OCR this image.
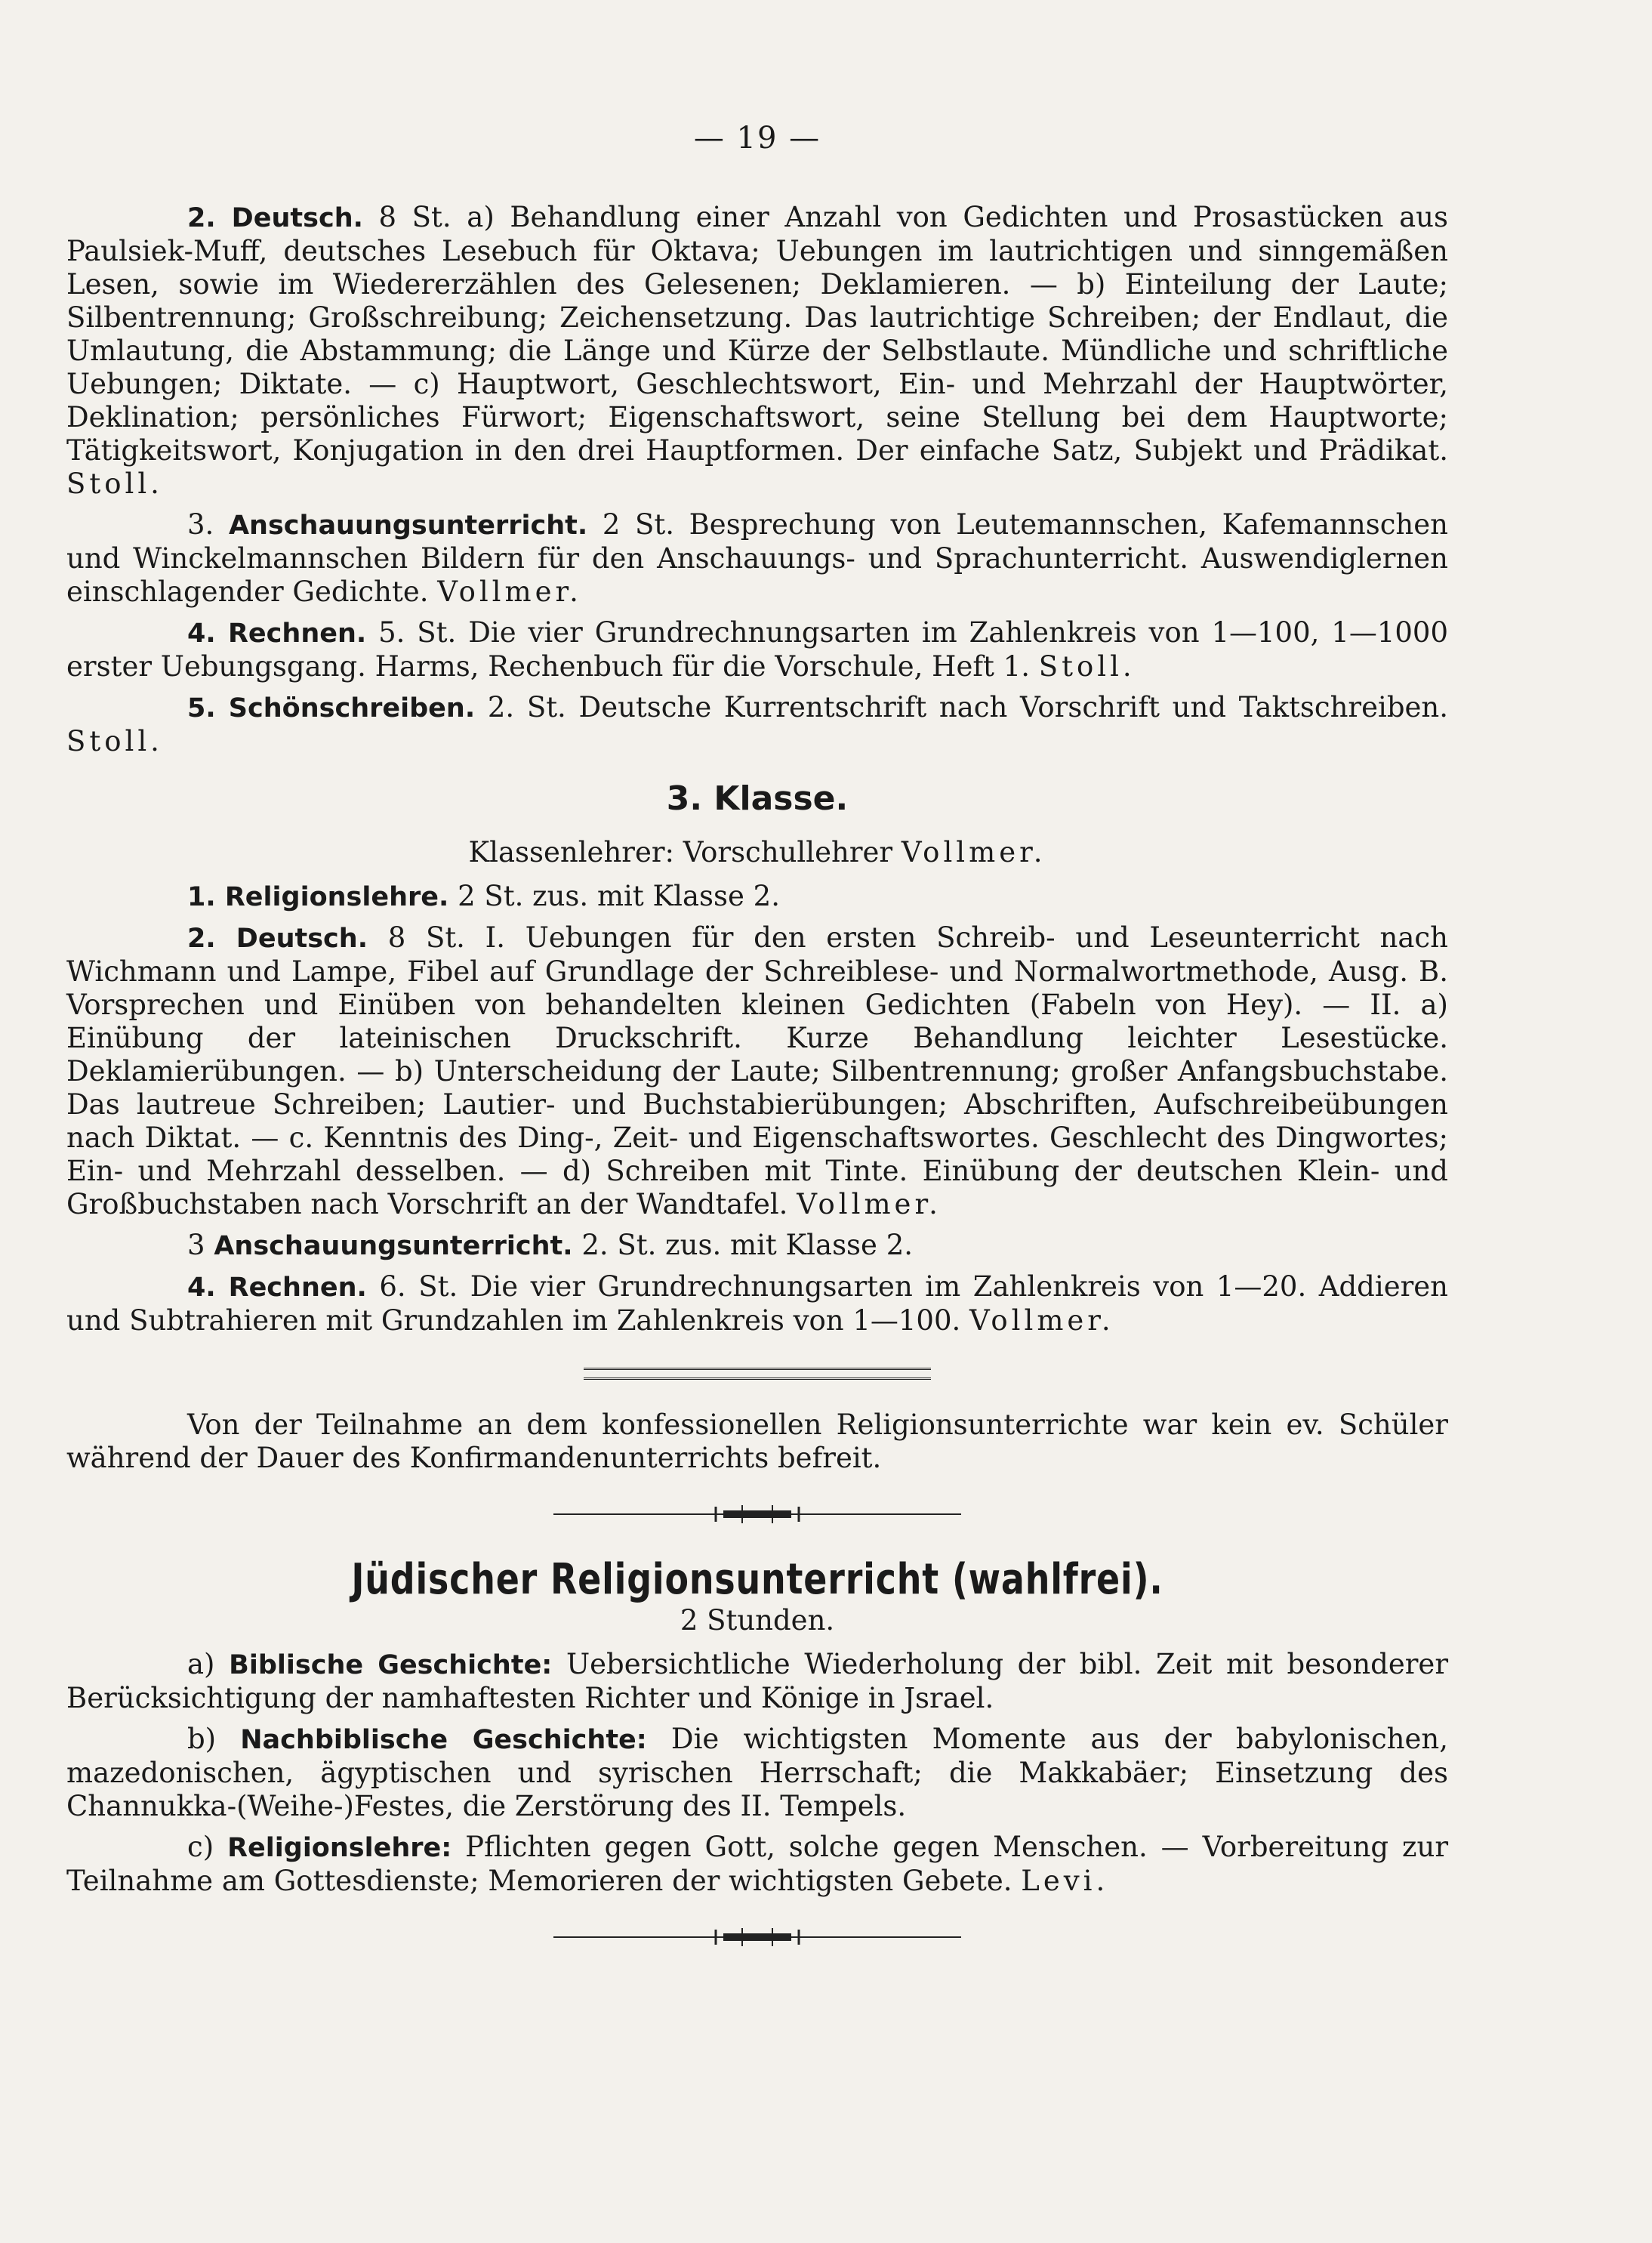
— 19 —

2. Deutsch. 8 St. a) Behandlung einer Anzahl von Gedichten und Prosastücken aus Paulsiek-Muff, deutsches Lesebuch für Oktava; Uebungen im lautrichtigen und sinngemäßen Lesen, sowie im Wiedererzählen des Gelesenen; Deklamieren. — b) Einteilung der Laute; Silbentrennung; Großschreibung; Zeichensetzung. Das lautrichtige Schreiben; der Endlaut, die Umlautung, die Abstammung; die Länge und Kürze der Selbstlaute. Mündliche und schriftliche Uebungen; Diktate. — c) Hauptwort, Geschlechtswort, Ein- und Mehrzahl der Hauptwörter, Deklination; persönliches Fürwort; Eigenschaftswort, seine Stellung bei dem Hauptworte; Tätigkeitswort, Konjugation in den drei Hauptformen. Der einfache Satz, Subjekt und Prädikat. Stoll.

3. Anschauungsunterricht. 2 St. Besprechung von Leutemannschen, Kafemannschen und Winckelmannschen Bildern für den Anschauungs- und Sprachunterricht. Auswendiglernen einschlagender Gedichte. Vollmer.

4. Rechnen. 5. St. Die vier Grundrechnungsarten im Zahlenkreis von 1—100, 1—1000 erster Uebungsgang. Harms, Rechenbuch für die Vorschule, Heft 1. Stoll.

5. Schönschreiben. 2. St. Deutsche Kurrentschrift nach Vorschrift und Taktschreiben. Stoll.

3. Klasse.
Klassenlehrer: Vorschullehrer Vollmer.

1. Religionslehre. 2 St. zus. mit Klasse 2.

2. Deutsch. 8 St. I. Uebungen für den ersten Schreib- und Leseunterricht nach Wichmann und Lampe, Fibel auf Grundlage der Schreiblese- und Normalwortmethode, Ausg. B. Vorsprechen und Einüben von behandelten kleinen Gedichten (Fabeln von Hey). — II. a) Einübung der lateinischen Druckschrift. Kurze Behandlung leichter Lesestücke. Deklamierübungen. — b) Unterscheidung der Laute; Silbentrennung; großer Anfangsbuchstabe. Das lautreue Schreiben; Lautier- und Buchstabierübungen; Abschriften, Aufschreibeübungen nach Diktat. — c. Kenntnis des Ding-, Zeit- und Eigenschaftswortes. Geschlecht des Dingwortes; Ein- und Mehrzahl desselben. — d) Schreiben mit Tinte. Einübung der deutschen Klein- und Großbuchstaben nach Vorschrift an der Wandtafel. Vollmer.

3 Anschauungsunterricht. 2. St. zus. mit Klasse 2.

4. Rechnen. 6. St. Die vier Grundrechnungsarten im Zahlenkreis von 1—20. Addieren und Subtrahieren mit Grundzahlen im Zahlenkreis von 1—100. Vollmer.

Von der Teilnahme an dem konfessionellen Religionsunterrichte war kein ev. Schüler während der Dauer des Konfirmandenunterrichts befreit.

Jüdischer Religionsunterricht (wahlfrei).
2 Stunden.

a) Biblische Geschichte: Uebersichtliche Wiederholung der bibl. Zeit mit besonderer Berücksichtigung der namhaftesten Richter und Könige in Jsrael.

b) Nachbiblische Geschichte: Die wichtigsten Momente aus der babylonischen, mazedonischen, ägyptischen und syrischen Herrschaft; die Makkabäer; Einsetzung des Channukka-(Weihe-)Festes, die Zerstörung des II. Tempels.

c) Religionslehre: Pflichten gegen Gott, solche gegen Menschen. — Vorbereitung zur Teilnahme am Gottesdienste; Memorieren der wichtigsten Gebete. Levi.
